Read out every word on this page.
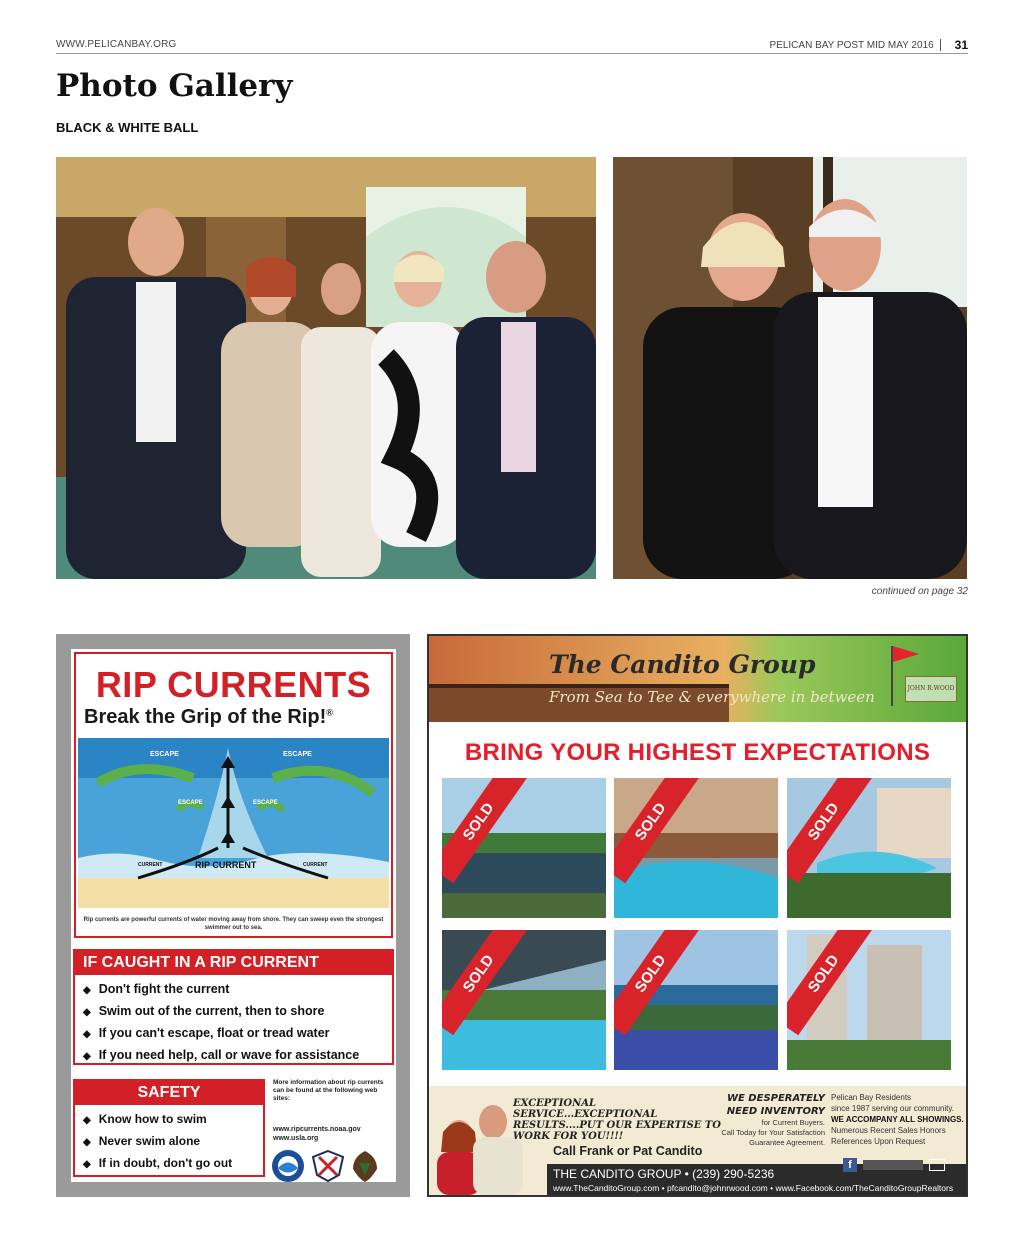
WWW.PELICANBAY.ORG	PELICAN BAY POST MID MAY 2016 31
Photo Gallery
BLACK & WHITE BALL
continued on page 32
RIP CURRENTS
Break the Grip of the Rip!®
ESCAPE	ESCAPE
ESCAPE	ESCAPE
RIP CURRENT
CURRENT	CURRENT
Rip currents are powerful currents of water moving away from shore. They can sweep even the strongest swimmer out to sea.
IF CAUGHT IN A RIP CURRENT
◆ Don't fight the current
◆ Swim out of the current, then to shore
◆ If you can't escape, float or tread water
◆ If you need help, call or wave for assistance
SAFETY
◆ Know how to swim
◆ Never swim alone
◆ If in doubt, don't go out
More information about rip currents can be found at the following web sites:
www.ripcurrents.noaa.gov
www.usla.org
The Candito Group
From Sea to Tee & everywhere in between	JOHN R.WOOD
BRING YOUR HIGHEST EXPECTATIONS
SOLD	SOLD	SOLD
SOLD	SOLD	SOLD
EXCEPTIONAL SERVICE...EXCEPTIONAL RESULTS....PUT OUR EXPERTISE TO WORK FOR YOU!!!!
Call Frank or Pat Candito
WE DESPERATELY
NEED INVENTORY
for Current Buyers.
Call Today for Your Satisfaction
Guarantee Agreement.
Pelican Bay Residents
since 1987 serving our community.
WE ACCOMPANY ALL SHOWINGS.
Numerous Recent Sales Honors
References Upon Request
THE CANDITO GROUP • (239) 290-5236
www.TheCanditoGroup.com • pfcandito@johnrwood.com • www.Facebook.com/TheCanditoGroupRealtors
f
